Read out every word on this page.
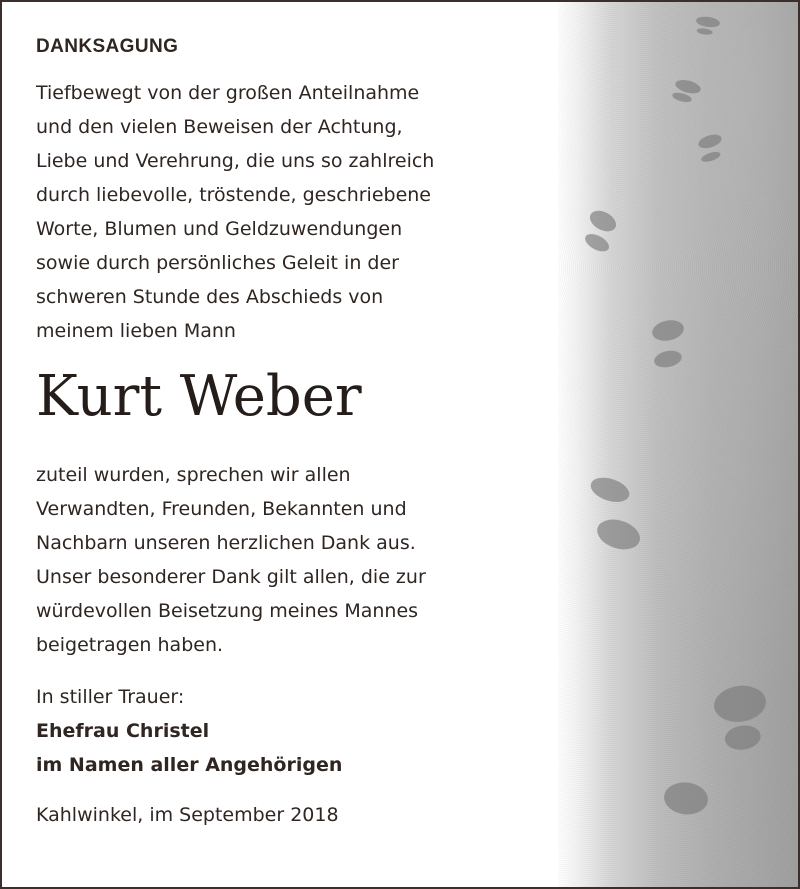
DANKSAGUNG
Tiefbewegt von der großen Anteilnahme
und den vielen Beweisen der Achtung,
Liebe und Verehrung, die uns so zahlreich
durch liebevolle, tröstende, geschriebene
Worte, Blumen und Geldzuwendungen
sowie durch persönliches Geleit in der
schweren Stunde des Abschieds von
meinem lieben Mann
Kurt Weber
zuteil wurden, sprechen wir allen
Verwandten, Freunden, Bekannten und
Nachbarn unseren herzlichen Dank aus.
Unser besonderer Dank gilt allen, die zur
würdevollen Beisetzung meines Mannes
beigetragen haben.
In stiller Trauer:
Ehefrau Christel
im Namen aller Angehörigen
Kahlwinkel, im September 2018
